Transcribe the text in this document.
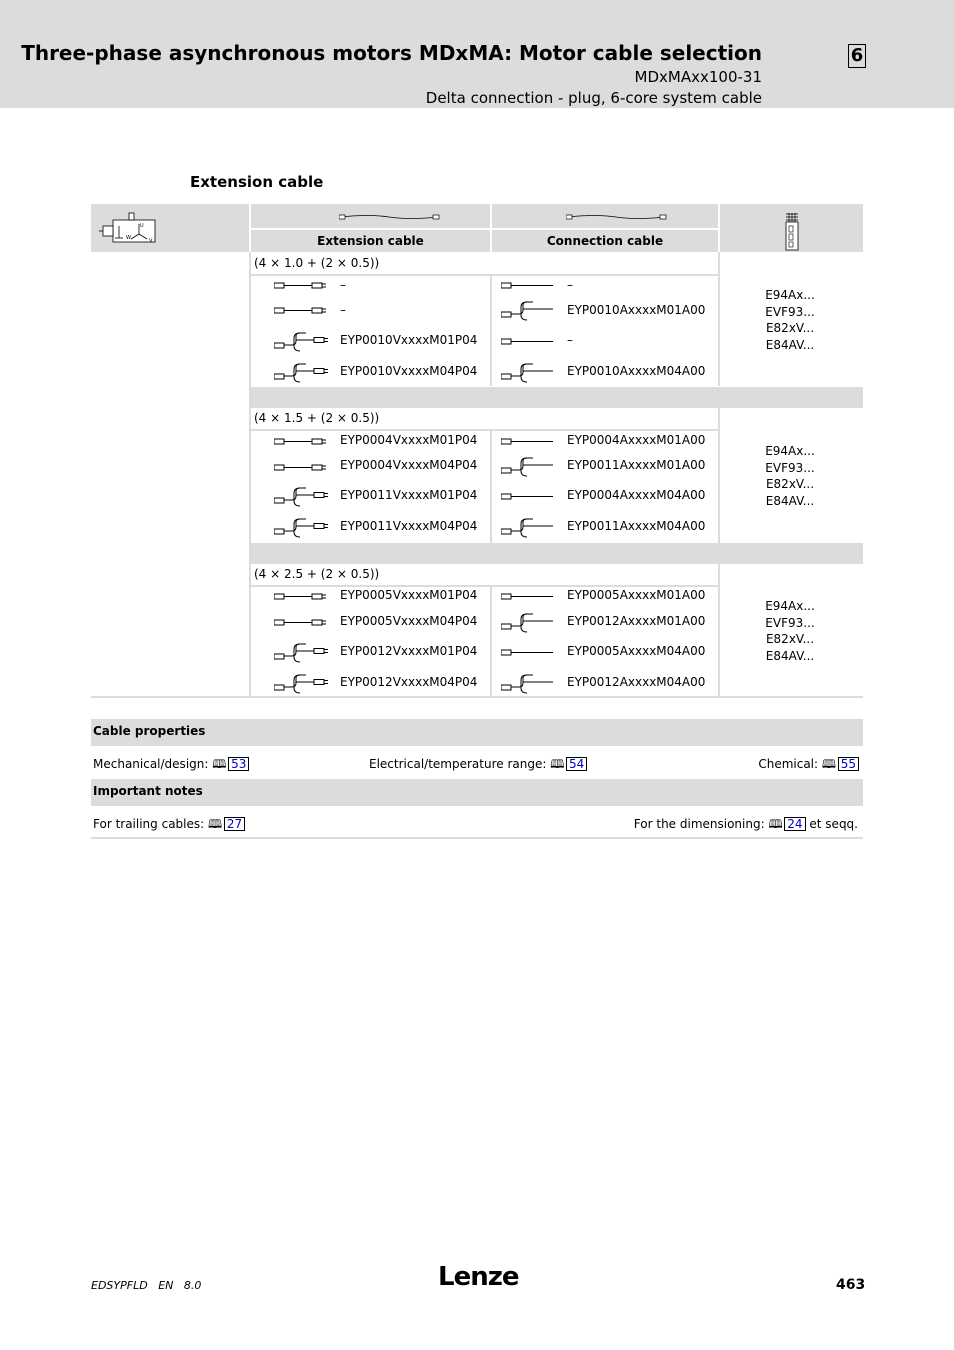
Three-phase asynchronous motors MDxMA: Motor cable selection
MDxMAxx100-31
Delta connection - plug, 6-core system cable
6
Extension cable
U
W	V	Extension cable	Connection cable
(4 × 1.0 + (2 × 0.5))
–	–
–	EYP0010AxxxxM01A00
EYP0010VxxxxM01P04	–
EYP0010VxxxxM04P04	EYP0010AxxxxM04A00
E94Ax...
EVF93...
E82xV...
E84AV...
(4 × 1.5 + (2 × 0.5))
EYP0004VxxxxM01P04	EYP0004AxxxxM01A00
EYP0004VxxxxM04P04	EYP0011AxxxxM01A00
EYP0011VxxxxM01P04	EYP0004AxxxxM04A00
EYP0011VxxxxM04P04	EYP0011AxxxxM04A00
E94Ax...
EVF93...
E82xV...
E84AV...
(4 × 2.5 + (2 × 0.5))
EYP0005VxxxxM01P04	EYP0005AxxxxM01A00
EYP0005VxxxxM04P04	EYP0012AxxxxM01A00
EYP0012VxxxxM01P04	EYP0005AxxxxM04A00
EYP0012VxxxxM04P04	EYP0012AxxxxM04A00
E94Ax...
EVF93...
E82xV...
E84AV...
Cable properties
Mechanical/design: 🕮 53	Electrical/temperature range: 🕮 54	Chemical: 🕮 55
Important notes
For trailing cables: 🕮 27	For the dimensioning: 🕮 24 et seqq.
EDSYPFLD EN 8.0	Lenze	463
